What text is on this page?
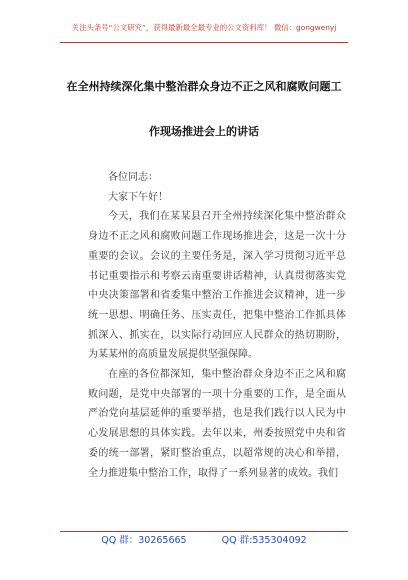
关注头条号“公文研究”，获得最新最全最专业的公文资料库！ 微信：gongwenyj
在全州持续深化集中整治群众身边不正之风和腐败问题工
作现场推进会上的讲话

各位同志：

大家下午好！

今天，我们在某某县召开全州持续深化集中整治群众身边不正之风和腐败问题工作现场推进会，这是一次十分重要的会议。会议的主要任务是，深入学习贯彻习近平总书记重要指示和考察云南重要讲话精神，认真贯彻落实党中央决策部署和省委集中整治工作推进会议精神，进一步统一思想、明确任务、压实责任，把集中整治工作抓具体抓深入、抓实在，以实际行动回应人民群众的热切期盼，为某某州的高质量发展提供坚强保障。

在座的各位都深知，集中整治群众身边不正之风和腐败问题，是党中央部署的一项十分重要的工作，是全面从严治党向基层延伸的重要举措，也是我们践行以人民为中心发展思想的具体实践。去年以来，州委按照党中央和省委的统一部署，紧盯整治重点，以超常规的决心和举措，全力推进集中整治工作，取得了一系列显著的成效。我们

QQ 群：30265665	QQ 群:535304092
